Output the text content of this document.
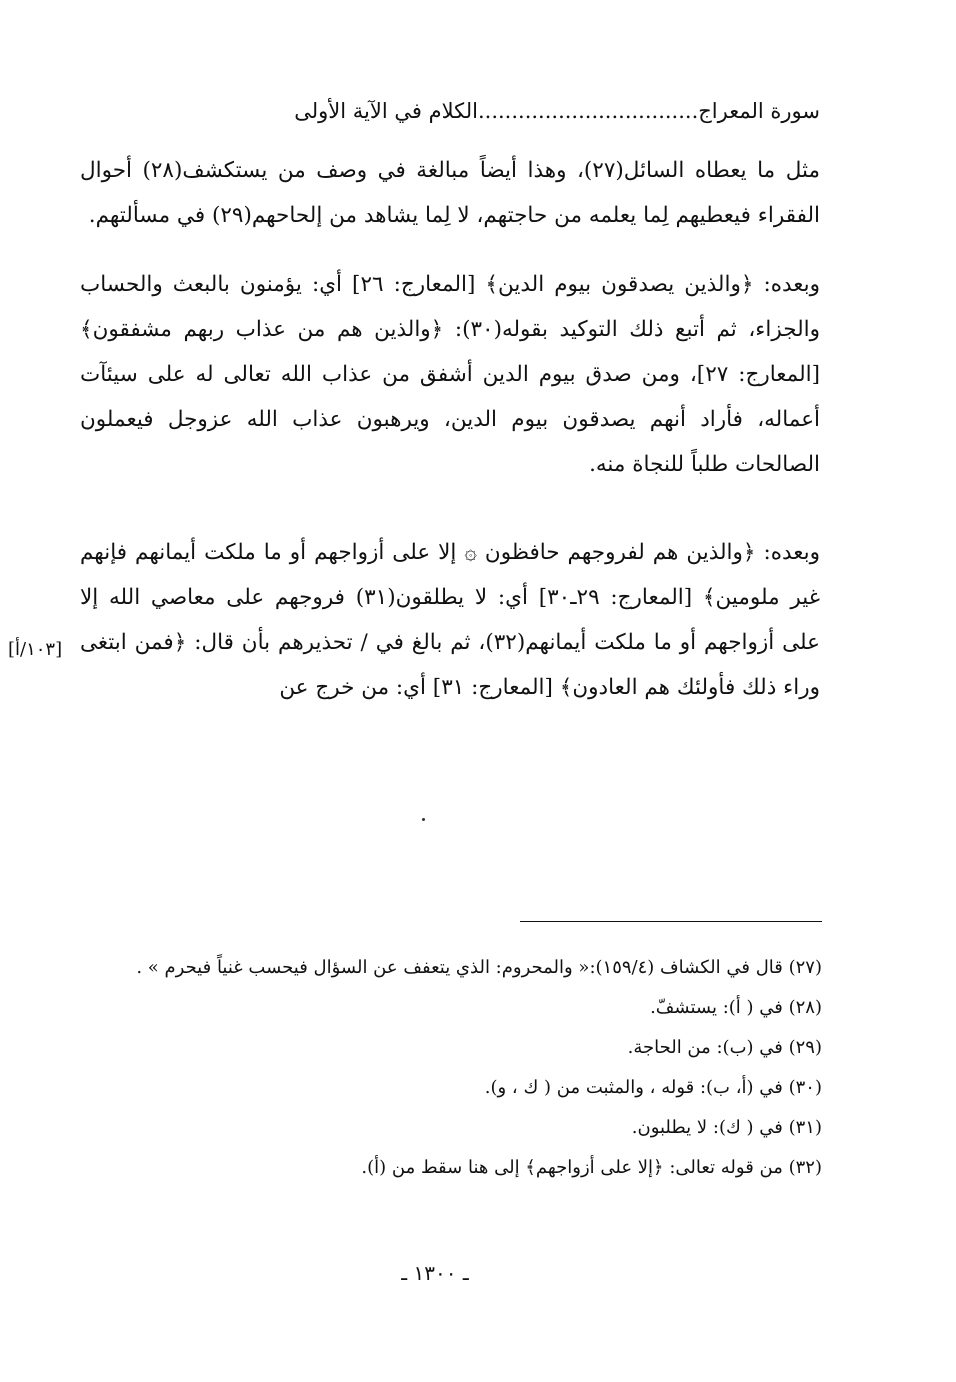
سورة المعراج.................................الكلام في الآية الأولى

مثل ما يعطاه السائل(٢٧)، وهذا أيضاً مبالغة في وصف من يستكشف(٢٨) أحوال الفقراء فيعطيهم لِما يعلمه من حاجتهم، لا لِما يشاهد من إلحاحهم(٢٩) في مسألتهم.

وبعده: ﴿والذين يصدقون بيوم الدين﴾ [المعارج: ٢٦] أي: يؤمنون بالبعث والحساب والجزاء، ثم أتبع ذلك التوكيد بقوله(٣٠): ﴿والذين هم من عذاب ربهم مشفقون﴾ [المعارج: ٢٧]، ومن صدق بيوم الدين أشفق من عذاب الله تعالى له على سيئآت أعماله، فأراد أنهم يصدقون بيوم الدين، ويرهبون عذاب الله عزوجل فيعملون الصالحات طلباً للنجاة منه.

وبعده: ﴿والذين هم لفروجهم حافظون ۞ إلا على أزواجهم أو ما ملكت أيمانهم فإنهم غير ملومين﴾ [المعارج: ٢٩ـ٣٠] أي: لا يطلقون(٣١) فروجهم على معاصي الله إلا على أزواجهم أو ما ملكت أيمانهم(٣٢)، ثم بالغ في / تحذيرهم بأن قال: ﴿فمن ابتغى وراء ذلك فأولئك هم العادون﴾ [المعارج: ٣١] أي: من خرج عن

[١٠٣/أ]
(٢٧) قال في الكشاف (١٥٩/٤):« والمحروم: الذي يتعفف عن السؤال فيحسب غنياً فيحرم » .
(٢٨) في ( أ): يستشفّ.
(٢٩) في (ب): من الحاجة.
(٣٠) في (أ، ب): قوله ، والمثبت من ( ك ، و).
(٣١) في ( ك): لا يطلبون.
(٣٢) من قوله تعالى: ﴿إلا على أزواجهم﴾ إلى هنا سقط من (أ).
ـ ١٣٠٠ ـ
